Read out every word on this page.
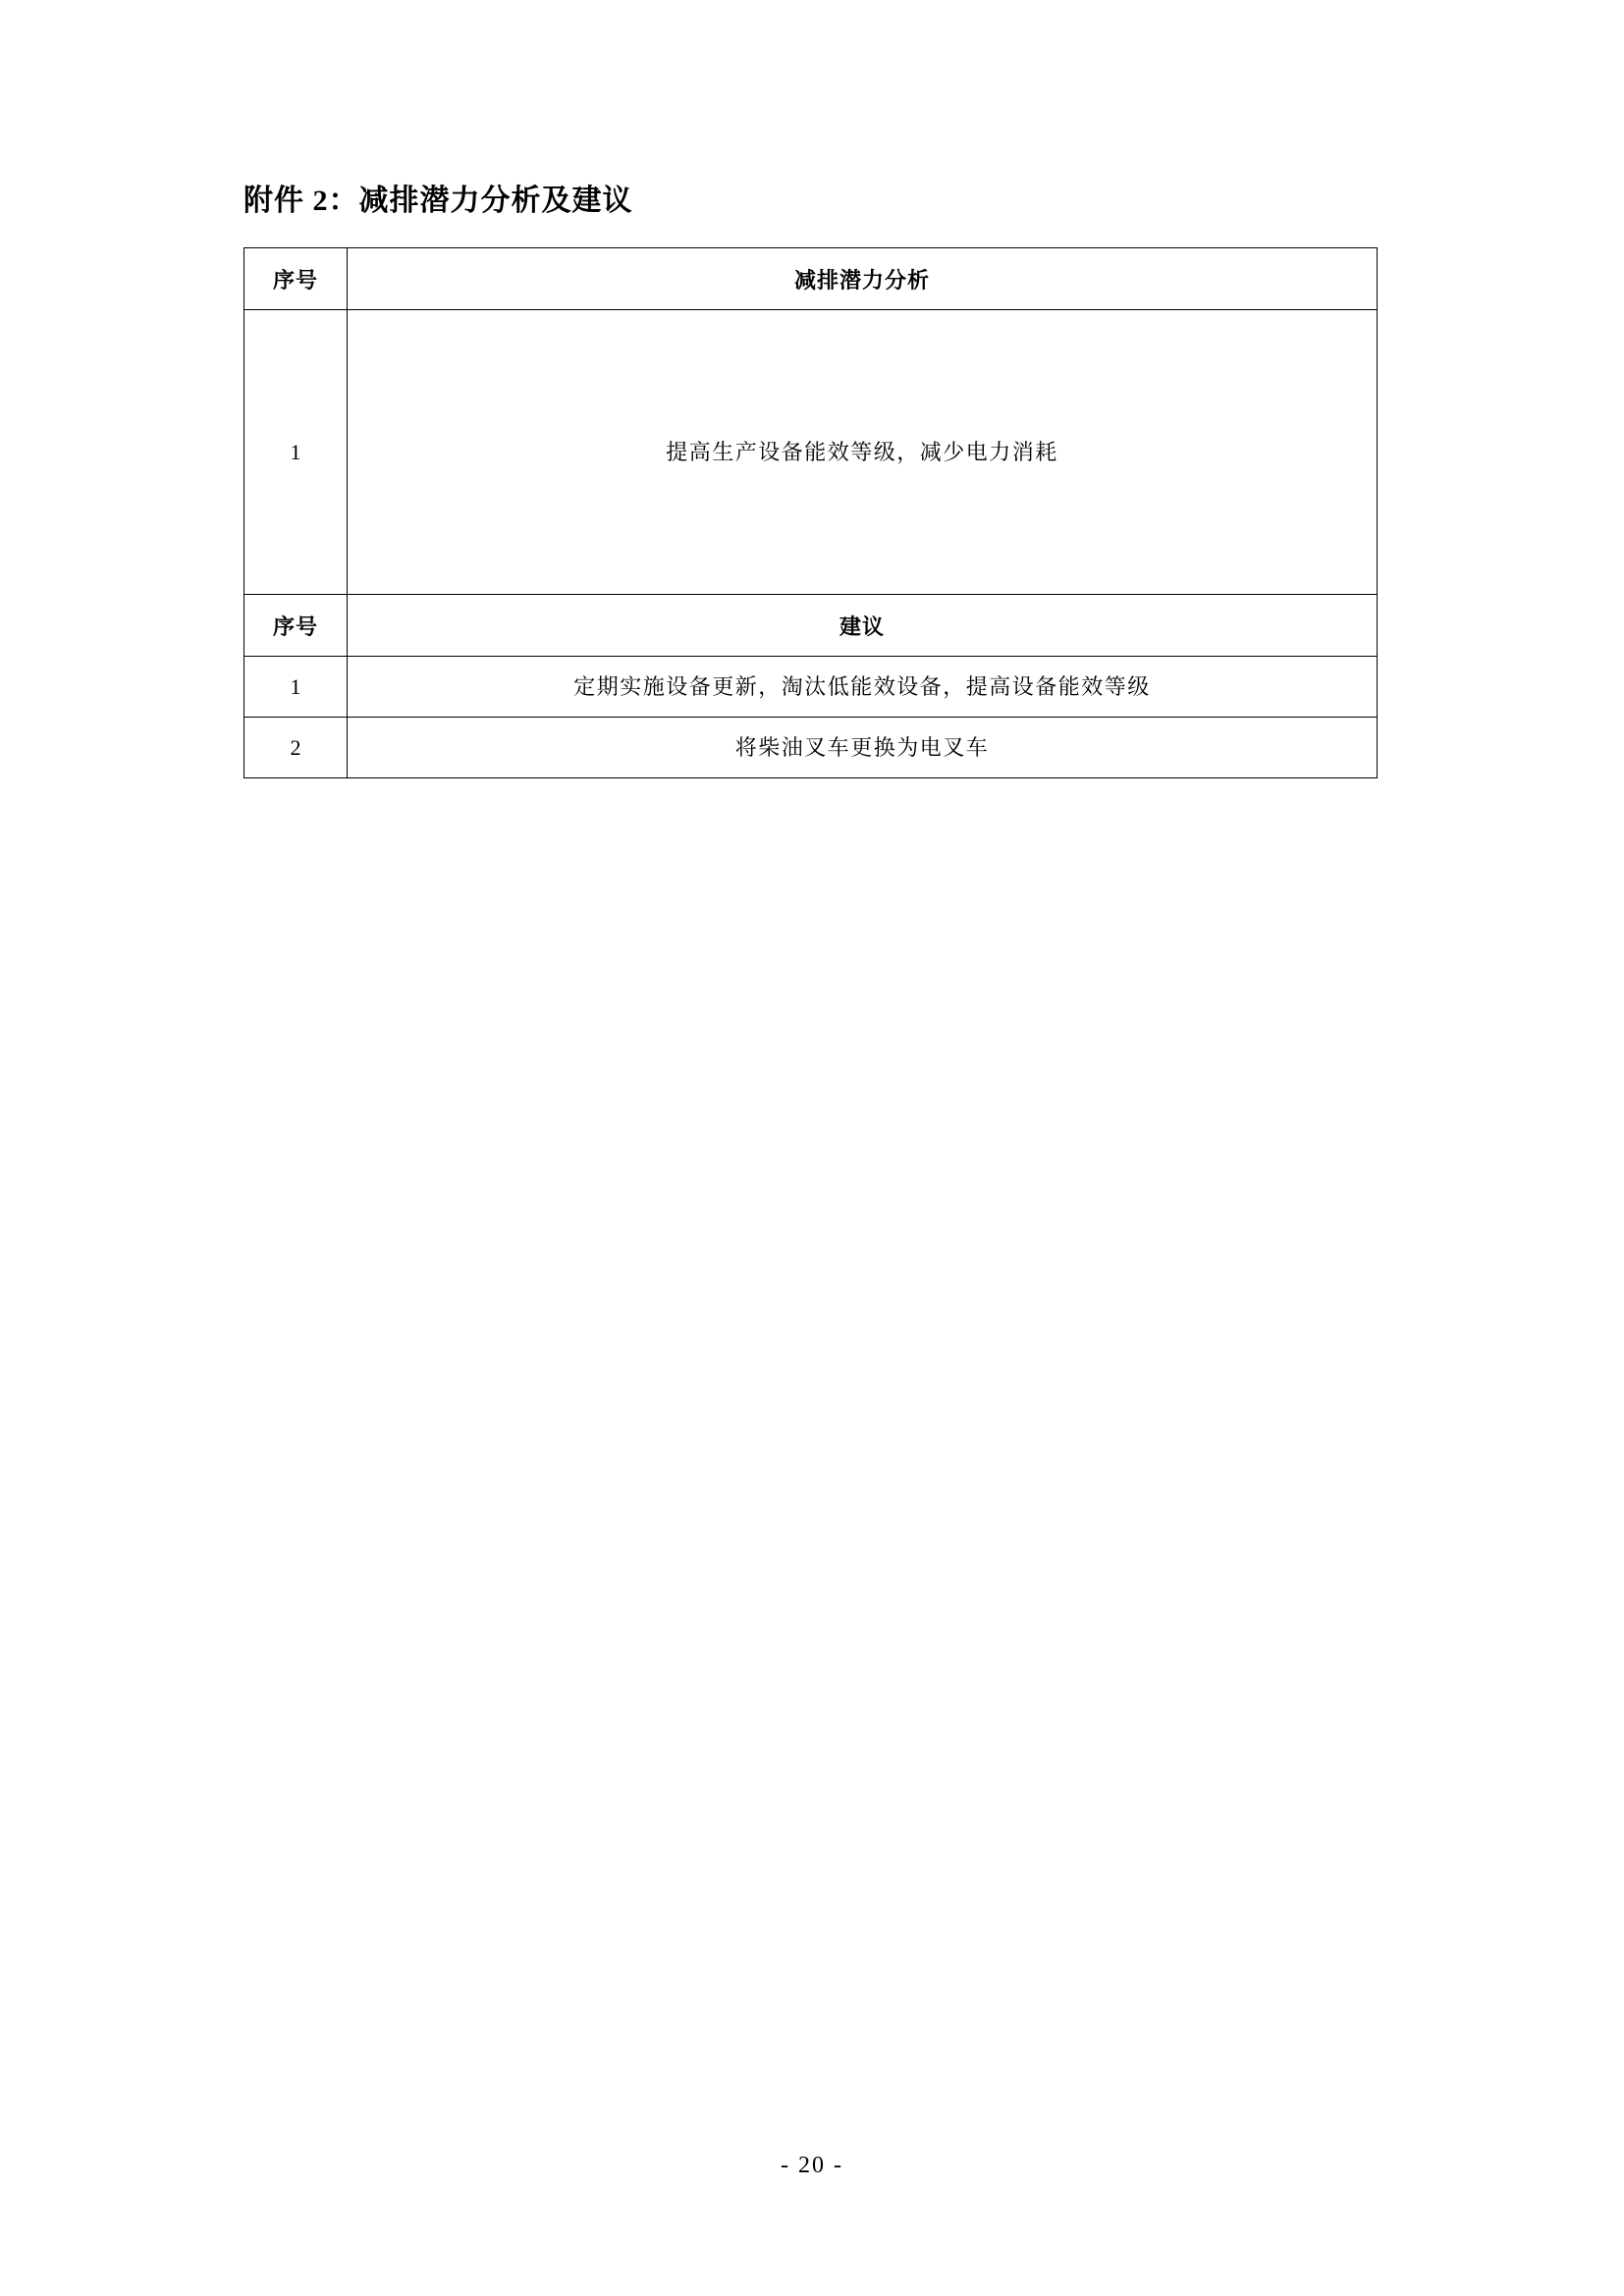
附件 2：减排潜力分析及建议
序号	减排潜力分析
1	提高生产设备能效等级，减少电力消耗
序号	建议
1	定期实施设备更新，淘汰低能效设备，提高设备能效等级
2	将柴油叉车更换为电叉车
- 20 -
